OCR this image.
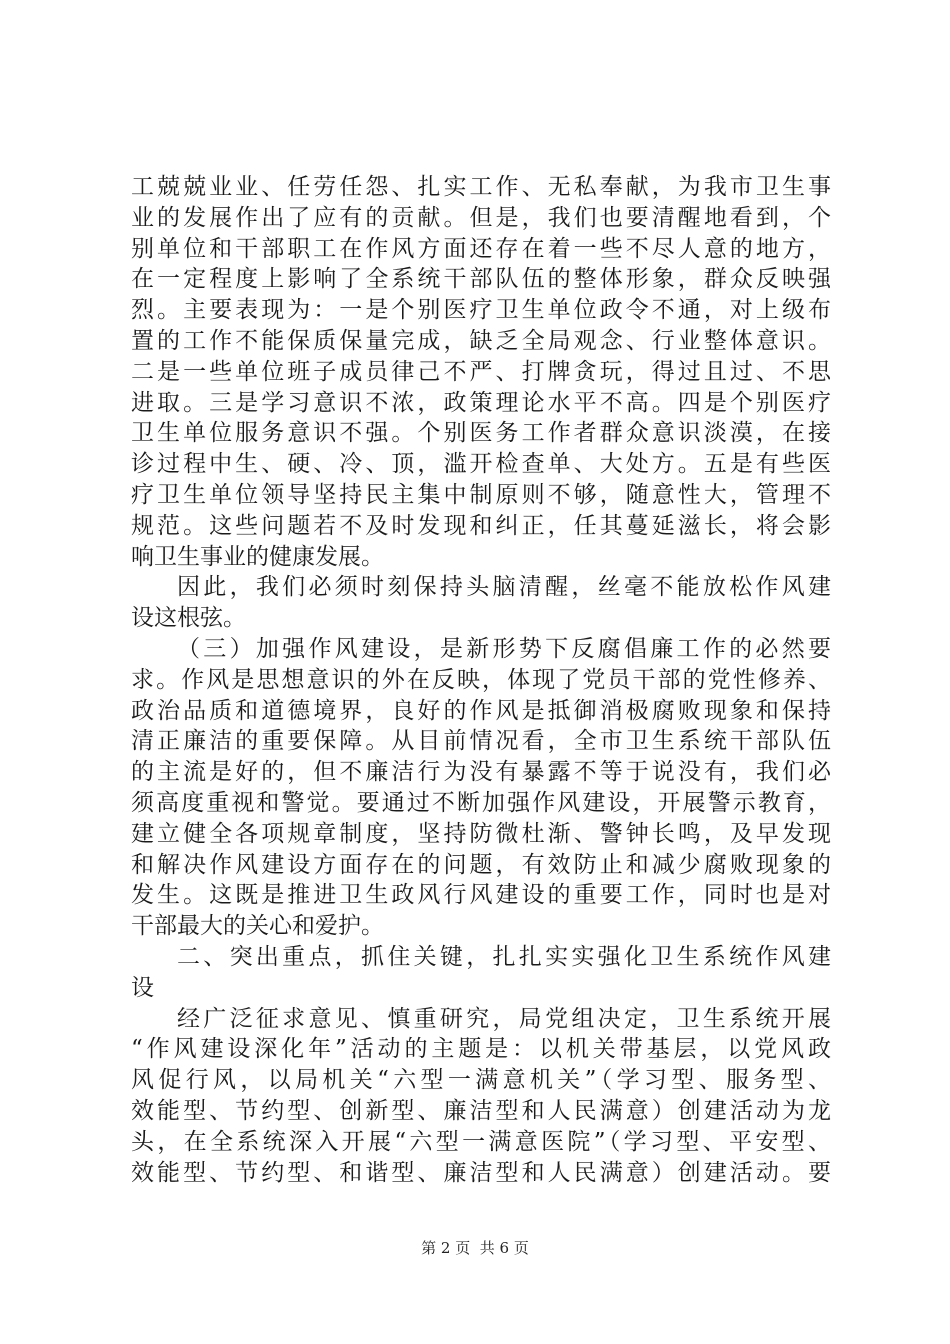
工兢兢业业、任劳任怨、扎实工作、无私奉献，为我市卫生事
业的发展作出了应有的贡献。但是，我们也要清醒地看到，个
别单位和干部职工在作风方面还存在着一些不尽人意的地方，
在一定程度上影响了全系统干部队伍的整体形象，群众反映强
烈。主要表现为：一是个别医疗卫生单位政令不通，对上级布
置的工作不能保质保量完成，缺乏全局观念、行业整体意识。
二是一些单位班子成员律己不严、打牌贪玩，得过且过、不思
进取。三是学习意识不浓，政策理论水平不高。四是个别医疗
卫生单位服务意识不强。个别医务工作者群众意识淡漠，在接
诊过程中生、硬、冷、顶，滥开检查单、大处方。五是有些医
疗卫生单位领导坚持民主集中制原则不够，随意性大，管理不
规范。这些问题若不及时发现和纠正，任其蔓延滋长，将会影
响卫生事业的健康发展。
因此，我们必须时刻保持头脑清醒，丝毫不能放松作风建
设这根弦。
（三）加强作风建设，是新形势下反腐倡廉工作的必然要
求。作风是思想意识的外在反映，体现了党员干部的党性修养、
政治品质和道德境界，良好的作风是抵御消极腐败现象和保持
清正廉洁的重要保障。从目前情况看，全市卫生系统干部队伍
的主流是好的，但不廉洁行为没有暴露不等于说没有，我们必
须高度重视和警觉。要通过不断加强作风建设，开展警示教育，
建立健全各项规章制度，坚持防微杜渐、警钟长鸣，及早发现
和解决作风建设方面存在的问题，有效防止和减少腐败现象的
发生。这既是推进卫生政风行风建设的重要工作，同时也是对
干部最大的关心和爱护。
二、突出重点，抓住关键，扎扎实实强化卫生系统作风建
设
经广泛征求意见、慎重研究，局党组决定，卫生系统开展
“作风建设深化年”活动的主题是：以机关带基层，以党风政
风促行风，以局机关“六型一满意机关”（学习型、服务型、
效能型、节约型、创新型、廉洁型和人民满意）创建活动为龙
头，在全系统深入开展“六型一满意医院”（学习型、平安型、
效能型、节约型、和谐型、廉洁型和人民满意）创建活动。要
第 2 页  共 6 页
